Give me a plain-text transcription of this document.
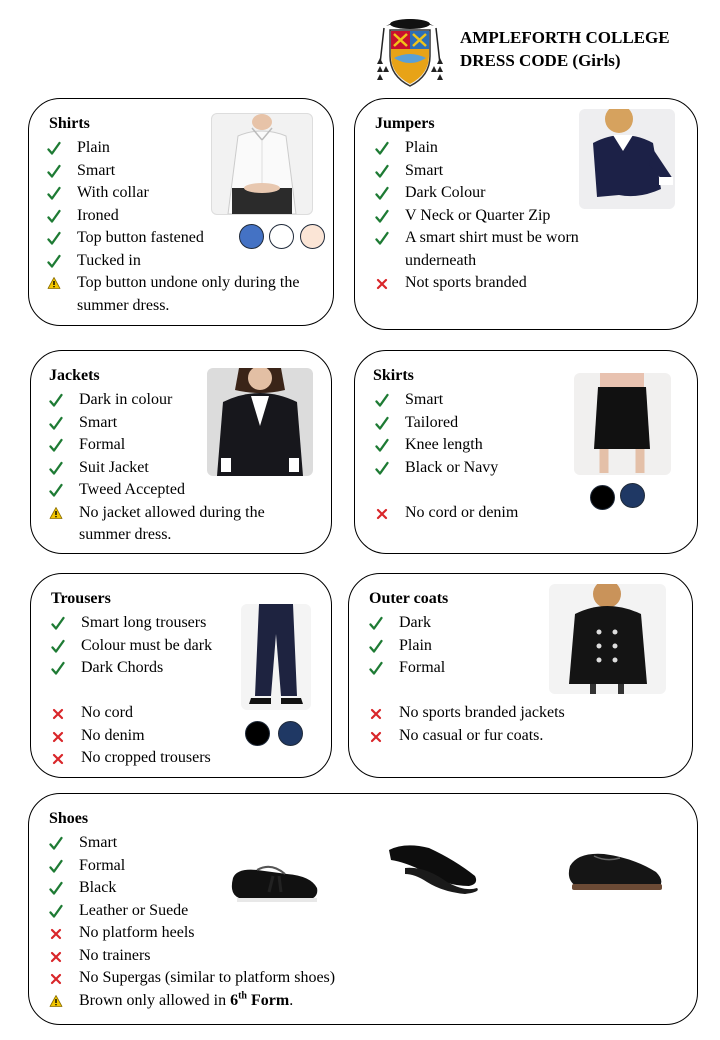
AMPLEFORTH COLLEGE
DRESS CODE (Girls)
Shirts
Plain
Smart
With collar
Ironed
Top button fastened
Tucked in
Top button undone only during the summer dress.
Jumpers
Plain
Smart
Dark Colour
V Neck or Quarter Zip
A smart shirt must be worn underneath
Not sports branded
Jackets
Dark in colour
Smart
Formal
Suit Jacket
Tweed Accepted
No jacket allowed during the summer dress.
Skirts
Smart
Tailored
Knee length
Black or Navy
No cord or denim
Trousers
Smart long trousers
Colour must be dark
Dark Chords
No cord
No denim
No cropped trousers
Outer coats
Dark
Plain
Formal
No sports branded jackets
No casual or fur coats.
Shoes
Smart
Formal
Black
Leather or Suede
No platform heels
No trainers
No Supergas (similar to platform shoes)
Brown only allowed in 6th Form.
